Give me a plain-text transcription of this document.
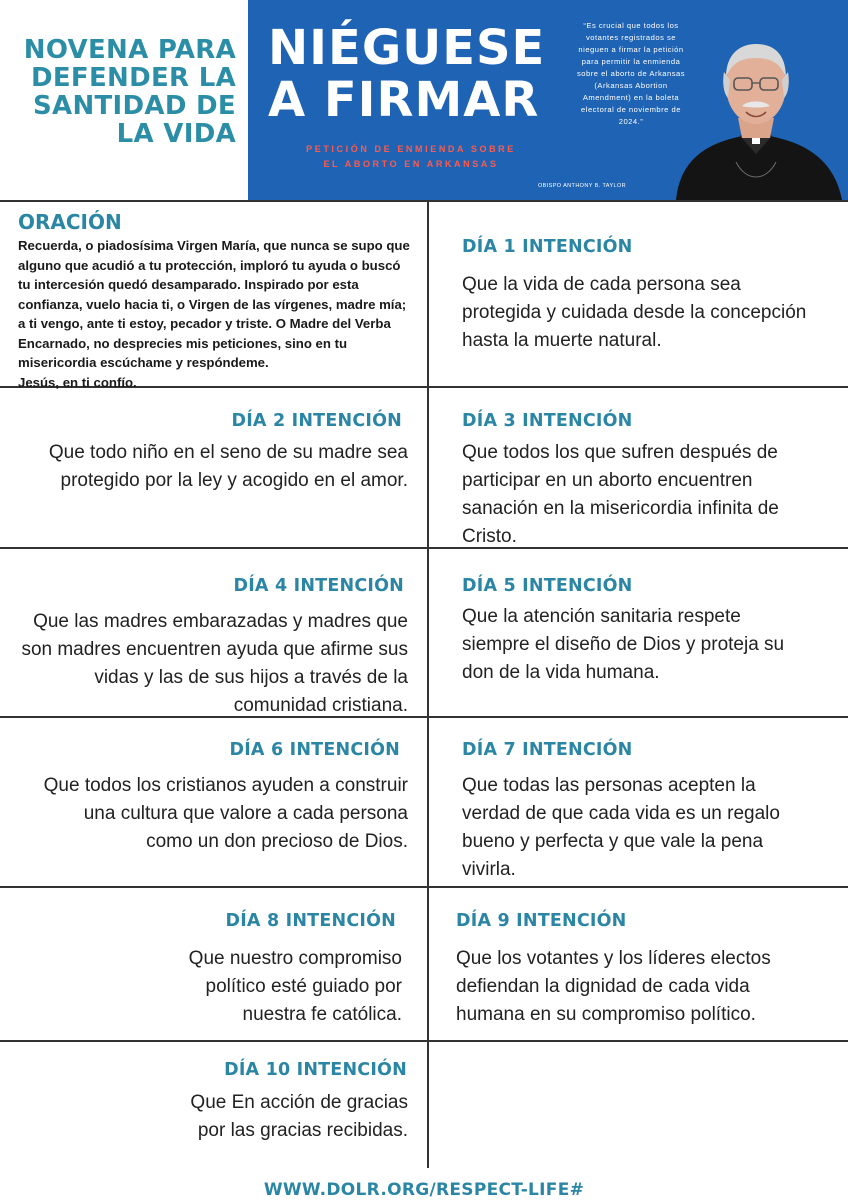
NOVENA PARA DEFENDER LA SANTIDAD DE LA VIDA
NIÉGUESE A FIRMAR
PETICIÓN DE ENMIENDA SOBRE EL ABORTO EN ARKANSAS
“Es crucial que todos los votantes registrados se nieguen a firmar la petición para permitir la enmienda sobre el aborto de Arkansas (Arkansas Abortion Amendment) en la boleta electoral de noviembre de 2024.”
OBISPO ANTHONY B. TAYLOR
ORACIÓN
Recuerda, o piadosísima Virgen María, que nunca se supo que alguno que acudió a tu protección, imploró tu ayuda o buscó tu intercesión quedó desamparado. Inspirado por esta confianza, vuelo hacia ti, o Virgen de las vírgenes, madre mía; a ti vengo, ante ti estoy, pecador y triste. O Madre del Verba Encarnado, no desprecies mis peticiones, sino en tu misericordia escúchame y respóndeme.
Jesús, en ti confío.
DÍA 1 INTENCIÓN
Que la vida de cada persona sea protegida y cuidada desde la concepción hasta la muerte natural.
DÍA 2 INTENCIÓN
Que todo niño en el seno de su madre sea protegido por la ley y acogido en el amor.
DÍA 3 INTENCIÓN
Que todos los que sufren después de participar en un aborto encuentren sanación en la misericordia infinita de Cristo.
DÍA 4 INTENCIÓN
Que las madres embarazadas y madres que son madres encuentren ayuda que afirme sus vidas y las de sus hijos a través de la comunidad cristiana.
DÍA 5 INTENCIÓN
Que la atención sanitaria respete siempre el diseño de Dios y proteja su don de la vida humana.
DÍA 6 INTENCIÓN
Que todos los cristianos ayuden a construir una cultura que valore a cada persona como un don precioso de Dios.
DÍA 7 INTENCIÓN
Que todas las personas acepten la verdad de que cada vida es un regalo bueno y perfecta y que vale la pena vivirla.
DÍA 8 INTENCIÓN
Que nuestro compromiso político esté guiado por nuestra fe católica.
DÍA 9 INTENCIÓN
Que los votantes y los líderes electos defiendan la dignidad de cada vida humana en su compromiso político.
DÍA 10 INTENCIÓN
Que En acción de gracias por las gracias recibidas.
WWW.DOLR.ORG/RESPECT-LIFE#
